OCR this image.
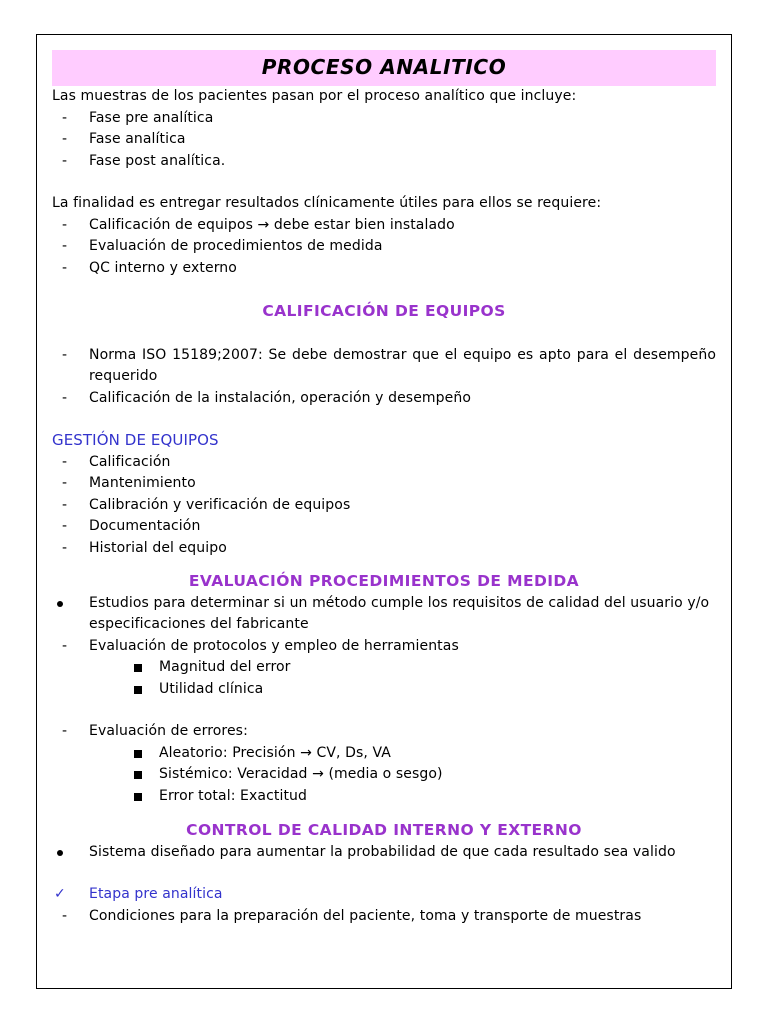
PROCESO ANALITICO
Las muestras de los pacientes pasan por el proceso analítico que incluye:
- Fase pre analítica
- Fase analítica
- Fase post analítica.
La finalidad es entregar resultados clínicamente útiles para ellos se requiere:
- Calificación de equipos → debe estar bien instalado
- Evaluación de procedimientos de medida
- QC interno y externo
CALIFICACIÓN DE EQUIPOS
- Norma ISO 15189;2007: Se debe demostrar que el equipo es apto para el desempeño requerido
- Calificación de la instalación, operación y desempeño
GESTIÓN DE EQUIPOS
- Calificación
- Mantenimiento
- Calibración y verificación de equipos
- Documentación
- Historial del equipo
EVALUACIÓN PROCEDIMIENTOS DE MEDIDA
Estudios para determinar si un método cumple los requisitos de calidad del usuario y/o especificaciones del fabricante
- Evaluación de protocolos y empleo de herramientas
Magnitud del error
Utilidad clínica
- Evaluación de errores:
Aleatorio: Precisión → CV, Ds, VA
Sistémico: Veracidad → (media o sesgo)
Error total: Exactitud
CONTROL DE CALIDAD INTERNO Y EXTERNO
Sistema diseñado para aumentar la probabilidad de que cada resultado sea valido
✓ Etapa pre analítica
- Condiciones para la preparación del paciente, toma y transporte de muestras
